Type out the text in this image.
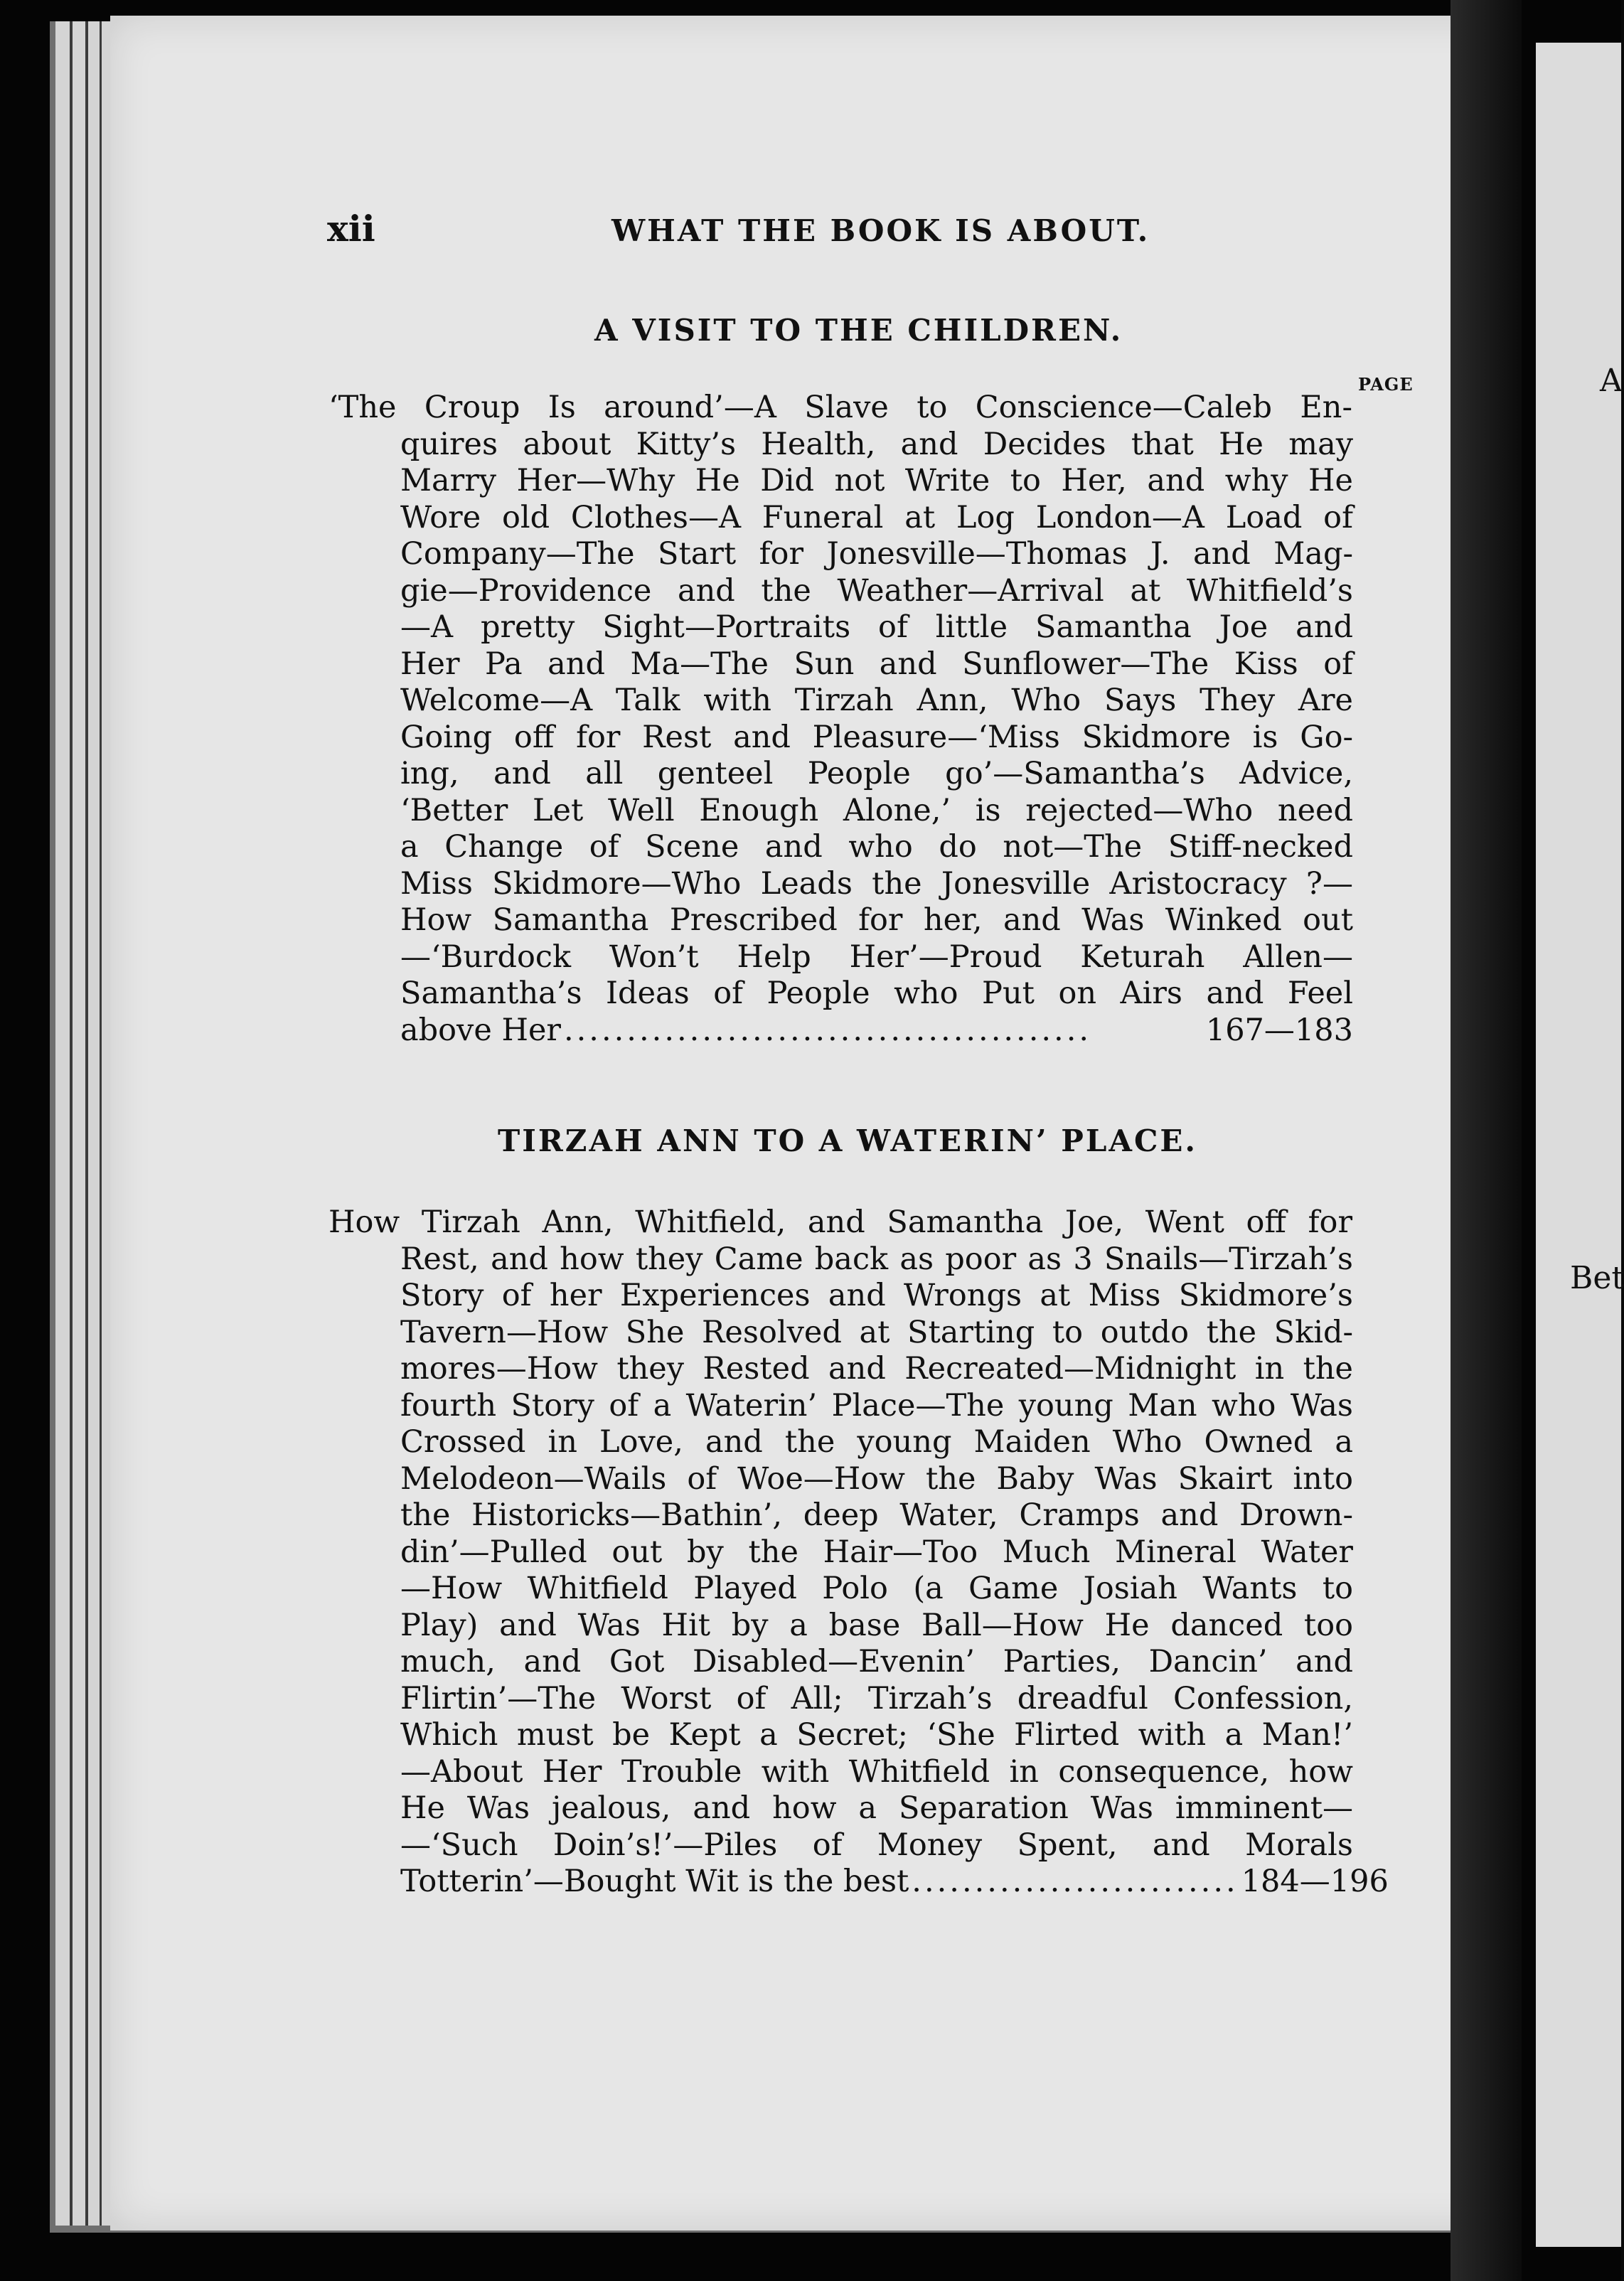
A
Bet
xii	WHAT THE BOOK IS ABOUT.
A VISIT TO THE CHILDREN.
PAGE
‘The Croup Is around’—A Slave to Conscience—Caleb En-
quires about Kitty’s Health, and Decides that He may
Marry Her—Why He Did not Write to Her, and why He
Wore old Clothes—A Funeral at Log London—A Load of
Company—The Start for Jonesville—Thomas J. and Mag-
gie—Providence and the Weather—Arrival at Whitfield’s
—A pretty Sight—Portraits of little Samantha Joe and
Her Pa and Ma—The Sun and Sunflower—The Kiss of
Welcome—A Talk with Tirzah Ann, Who Says They Are
Going off for Rest and Pleasure—‘Miss Skidmore is Go-
ing, and all genteel People go’—Samantha’s Advice,
‘Better Let Well Enough Alone,’ is rejected—Who need
a Change of Scene and who do not—The Stiff-necked
Miss Skidmore—Who Leads the Jonesville Aristocracy ?—
How Samantha Prescribed for her, and Was Winked out
—‘Burdock Won’t Help Her’—Proud Keturah Allen—
Samantha’s Ideas of People who Put on Airs and Feel
above Her ..........................................	167—183
TIRZAH ANN TO A WATERIN’ PLACE.
How Tirzah Ann, Whitfield, and Samantha Joe, Went off for
Rest, and how they Came back as poor as 3 Snails—Tirzah’s
Story of her Experiences and Wrongs at Miss Skidmore’s
Tavern—How She Resolved at Starting to outdo the Skid-
mores—How they Rested and Recreated—Midnight in the
fourth Story of a Waterin’ Place—The young Man who Was
Crossed in Love, and the young Maiden Who Owned a
Melodeon—Wails of Woe—How the Baby Was Skairt into
the Historicks—Bathin’, deep Water, Cramps and Drown-
din’—Pulled out by the Hair—Too Much Mineral Water
—How Whitfield Played Polo (a Game Josiah Wants to
Play) and Was Hit by a base Ball—How He danced too
much, and Got Disabled—Evenin’ Parties, Dancin’ and
Flirtin’—The Worst of All; Tirzah’s dreadful Confession,
Which must be Kept a Secret; ‘She Flirted with a Man!’
—About Her Trouble with Whitfield in consequence, how
He Was jealous, and how a Separation Was imminent—
—‘Such Doin’s!’—Piles of Money Spent, and Morals
Totterin’—Bought Wit is the best .......................... 184—196
